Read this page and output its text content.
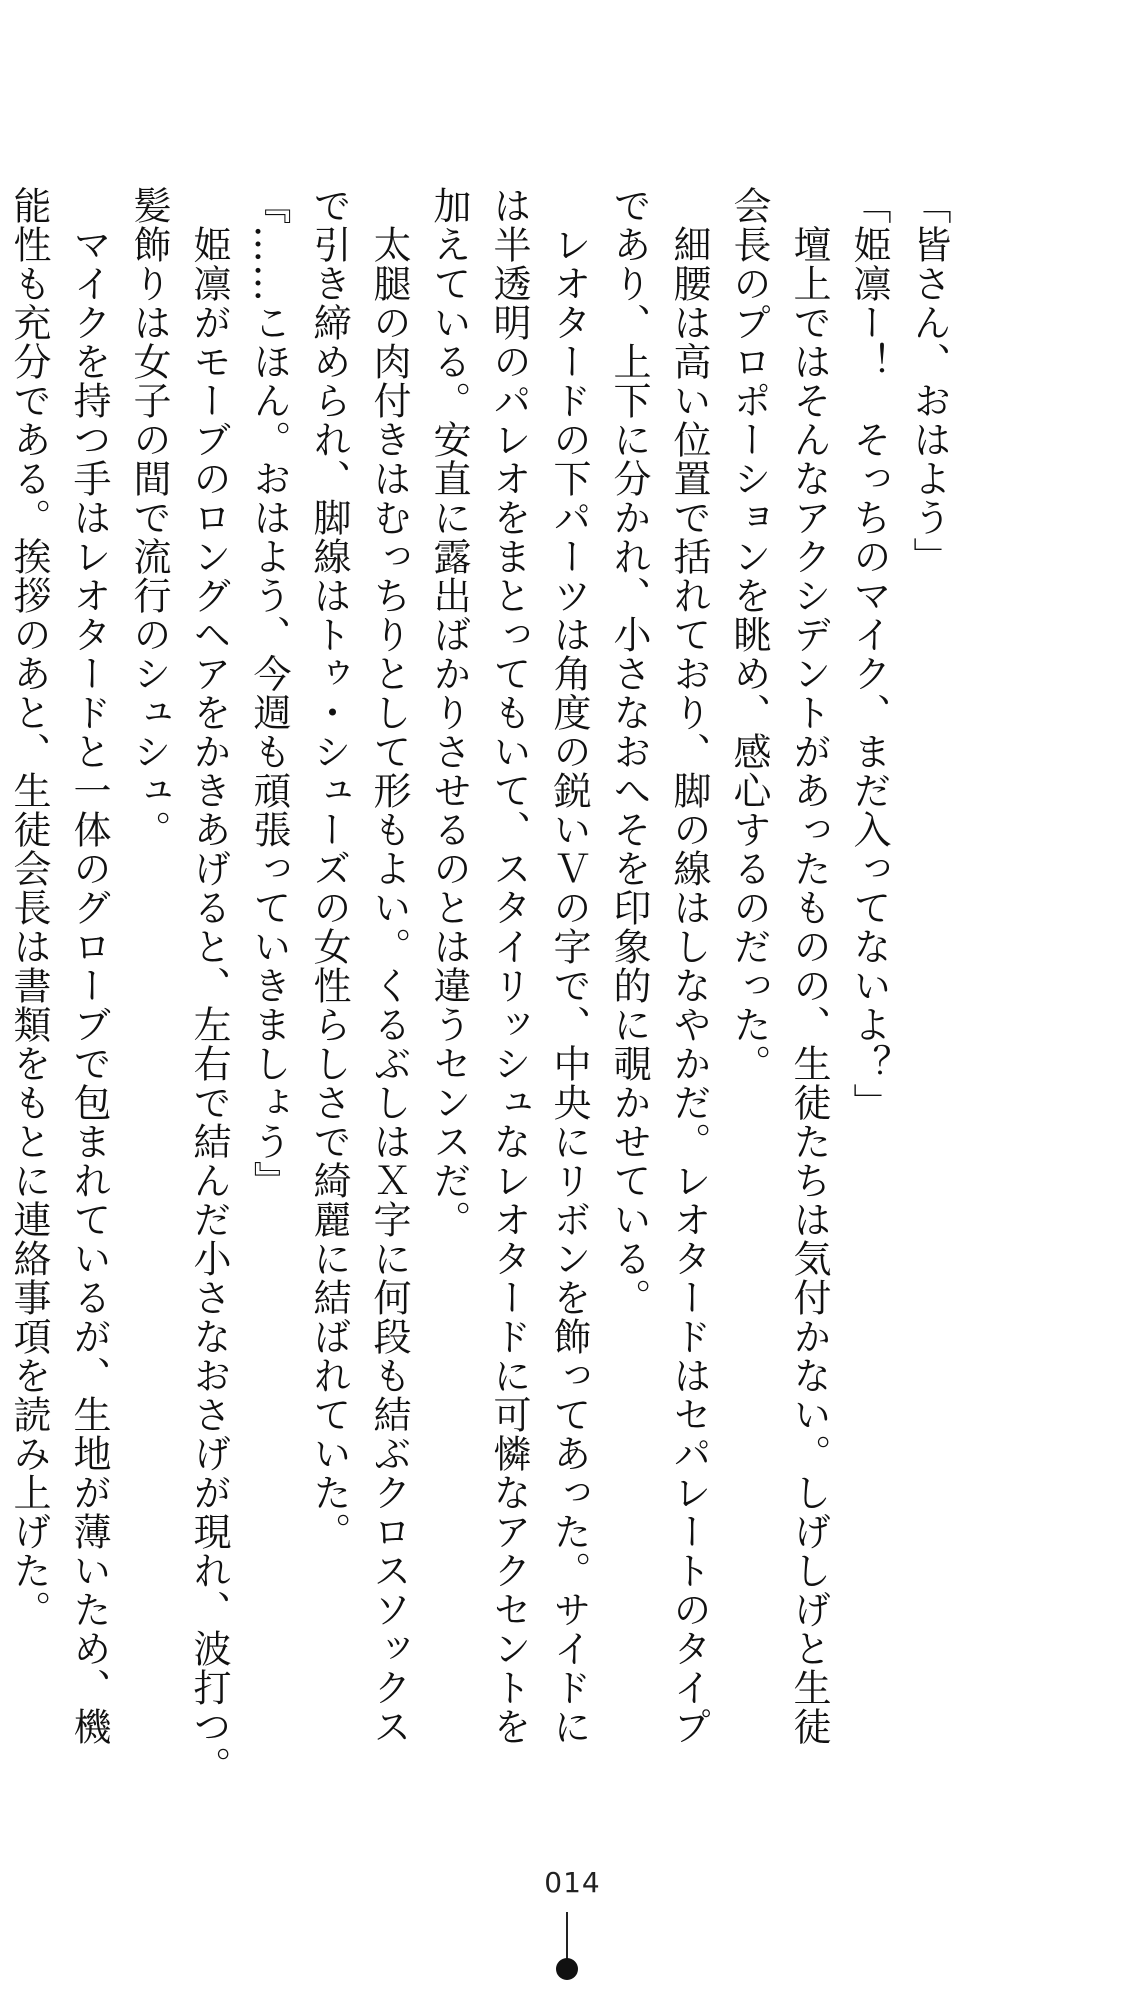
「皆さん、おはよう」

「姫凛ー！　そっちのマイク、まだ入ってないよ？」

　壇上ではそんなアクシデントがあったものの、生徒たちは気付かない。しげしげと生徒

会長のプロポーションを眺め、感心するのだった。

　細腰は高い位置で括れており、脚の線はしなやかだ。レオタードはセパレートのタイプ

であり、上下に分かれ、小さなおへそを印象的に覗かせている。

　レオタードの下パーツは角度の鋭いＶの字で、中央にリボンを飾ってあった。サイドに

は半透明のパレオをまとってもいて、スタイリッシュなレオタードに可憐なアクセントを

加えている。安直に露出ばかりさせるのとは違うセンスだ。

　太腿の肉付きはむっちりとして形もよい。くるぶしはＸ字に何段も結ぶクロスソックス

で引き締められ、脚線はトゥ・シューズの女性らしさで綺麗に結ばれていた。

『……こほん。おはよう、今週も頑張っていきましょう』

　姫凛がモーブのロングヘアをかきあげると、左右で結んだ小さなおさげが現れ、波打つ。

髪飾りは女子の間で流行のシュシュ。

　マイクを持つ手はレオタードと一体のグローブで包まれているが、生地が薄いため、機

能性も充分である。挨拶のあと、生徒会長は書類をもとに連絡事項を読み上げた。

014
